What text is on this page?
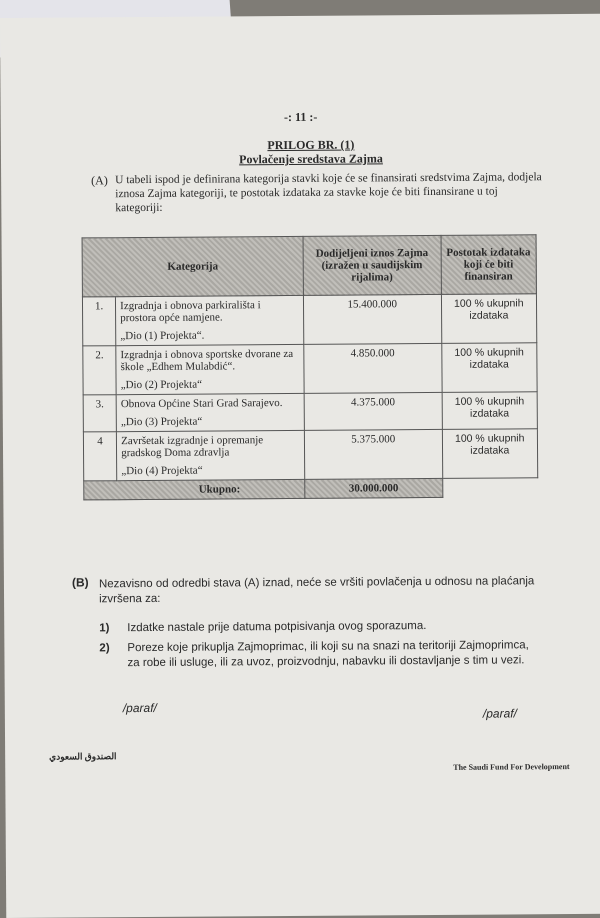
-: 11 :-
PRILOG BR. (1)
Povlačenje sredstava Zajma
(A) U tabeli ispod je definirana kategorija stavki koje će se finansirati sredstvima Zajma, dodjela iznosa Zajma kategoriji, te postotak izdataka za stavke koje će biti finansirane u toj kategoriji:
Kategorija		Dodijeljeni iznos Zajma (izražen u saudijskim rijalima)	Postotak izdataka koji će biti finansiran
1.	Izgradnja i obnova parkirališta i prostora opće namjene.
„Dio (1) Projekta“.	15.400.000	100 % ukupnih izdataka
2.	Izgradnja i obnova sportske dvorane za škole „Edhem Mulabdić“.
„Dio (2) Projekta“	4.850.000	100 % ukupnih izdataka
3.	Obnova Općine Stari Grad Sarajevo.
„Dio (3) Projekta“	4.375.000	100 % ukupnih izdataka
4	Završetak izgradnje i opremanje gradskog Doma zdravlja
„Dio (4) Projekta“	5.375.000	100 % ukupnih izdataka
Ukupno:		30.000.000	
(B) Nezavisno od odredbi stava (A) iznad, neće se vršiti povlačenja u odnosu na plaćanja izvršena za:
1) Izdatke nastale prije datuma potpisivanja ovog sporazuma.
2) Poreze koje prikuplja Zajmoprimac, ili koji su na snazi na teritoriji Zajmoprimca, za robe ili usluge, ili za uvoz, proizvodnju, nabavku ili dostavljanje s tim u vezi.
/paraf/	/paraf/
الصندوق السعودي
The Saudi Fund For Development
